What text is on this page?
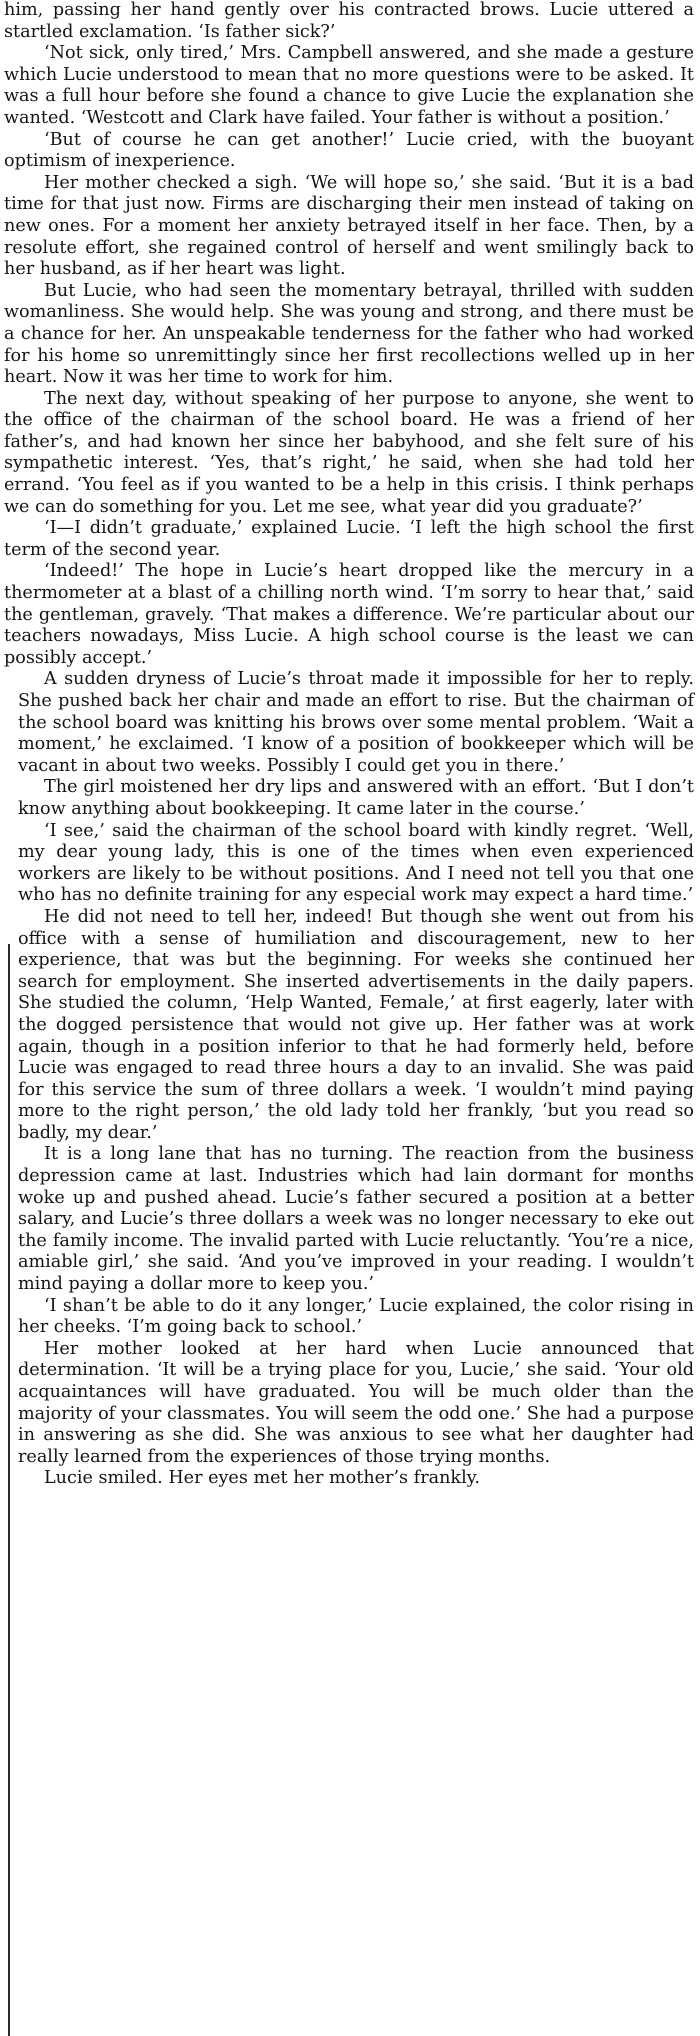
him, passing her hand gently over his contracted brows. Lucie uttered a startled exclamation. ‘Is father sick?’

‘Not sick, only tired,’ Mrs. Campbell answered, and she made a gesture which Lucie understood to mean that no more questions were to be asked. It was a full hour before she found a chance to give Lucie the explanation she wanted. ‘Westcott and Clark have failed. Your father is without a position.’

‘But of course he can get another!’ Lucie cried, with the buoyant optimism of inexperience.

Her mother checked a sigh. ‘We will hope so,’ she said. ‘But it is a bad time for that just now. Firms are discharging their men instead of taking on new ones. For a moment her anxiety betrayed itself in her face. Then, by a resolute effort, she regained control of herself and went smilingly back to her husband, as if her heart was light.

But Lucie, who had seen the momentary betrayal, thrilled with sudden womanliness. She would help. She was young and strong, and there must be a chance for her. An unspeakable tenderness for the father who had worked for his home so unremittingly since her first recollections welled up in her heart. Now it was her time to work for him.

The next day, without speaking of her purpose to anyone, she went to the office of the chairman of the school board. He was a friend of her father’s, and had known her since her babyhood, and she felt sure of his sympathetic interest. ‘Yes, that’s right,’ he said, when she had told her errand. ‘You feel as if you wanted to be a help in this crisis. I think perhaps we can do something for you. Let me see, what year did you graduate?’

‘I—I didn’t graduate,’ explained Lucie. ‘I left the high school the first term of the second year.

‘Indeed!’ The hope in Lucie’s heart dropped like the mercury in a thermometer at a blast of a chilling north wind. ‘I’m sorry to hear that,’ said the gentleman, gravely. ‘That makes a difference. We’re particular about our teachers nowadays, Miss Lucie. A high school course is the least we can possibly accept.’

A sudden dryness of Lucie’s throat made it impossible for her to reply. She pushed back her chair and made an effort to rise. But the chairman of the school board was knitting his brows over some mental problem. ‘Wait a moment,’ he exclaimed. ‘I know of a position of bookkeeper which will be vacant in about two weeks. Possibly I could get you in there.’

The girl moistened her dry lips and answered with an effort. ‘But I don’t know anything about bookkeeping. It came later in the course.’

‘I see,’ said the chairman of the school board with kindly regret. ‘Well, my dear young lady, this is one of the times when even experienced workers are likely to be without positions. And I need not tell you that one who has no definite training for any especial work may expect a hard time.’

He did not need to tell her, indeed! But though she went out from his office with a sense of humiliation and discouragement, new to her experience, that was but the beginning. For weeks she continued her search for employment. She inserted advertisements in the daily papers. She studied the column, ‘Help Wanted, Female,’ at first eagerly, later with the dogged persistence that would not give up. Her father was at work again, though in a position inferior to that he had formerly held, before Lucie was engaged to read three hours a day to an invalid. She was paid for this service the sum of three dollars a week. ‘I wouldn’t mind paying more to the right person,’ the old lady told her frankly, ‘but you read so badly, my dear.’

It is a long lane that has no turning. The reaction from the business depression came at last. Industries which had lain dormant for months woke up and pushed ahead. Lucie’s father secured a position at a better salary, and Lucie’s three dollars a week was no longer necessary to eke out the family income. The invalid parted with Lucie reluctantly. ‘You’re a nice, amiable girl,’ she said. ‘And you’ve improved in your reading. I wouldn’t mind paying a dollar more to keep you.’

‘I shan’t be able to do it any longer,’ Lucie explained, the color rising in her cheeks. ‘I’m going back to school.’

Her mother looked at her hard when Lucie announced that determination. ‘It will be a trying place for you, Lucie,’ she said. ‘Your old acquaintances will have graduated. You will be much older than the majority of your classmates. You will seem the odd one.’ She had a purpose in answering as she did. She was anxious to see what her daughter had really learned from the experiences of those trying months.

Lucie smiled. Her eyes met her mother’s frankly.
